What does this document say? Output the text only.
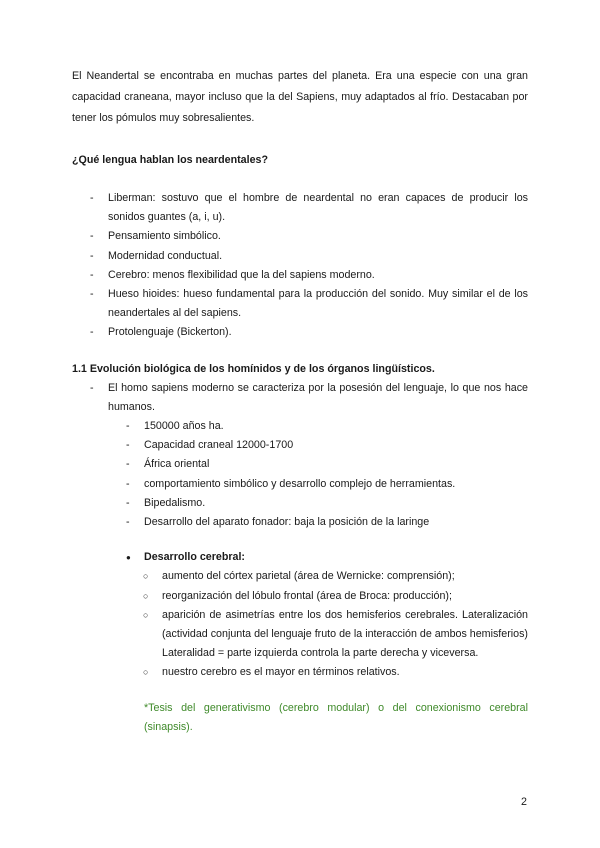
El Neandertal se encontraba en muchas partes del planeta. Era una especie con una gran capacidad craneana, mayor incluso que la del Sapiens, muy adaptados al frío. Destacaban por tener los pómulos muy sobresalientes.

¿Qué lengua hablan los neardentales?
- Liberman: sostuvo que el hombre de neardental no eran capaces de producir los sonidos guantes (a, i, u).
- Pensamiento simbólico.
- Modernidad conductual.
- Cerebro: menos flexibilidad que la del sapiens moderno.
- Hueso hioides: hueso fundamental para la producción del sonido. Muy similar el de los neandertales al del sapiens.
- Protolenguaje (Bickerton).
1.1 Evolución biológica de los homínidos y de los órganos lingüísticos.
- El homo sapiens moderno se caracteriza por la posesión del lenguaje, lo que nos hace humanos.
- 150000 años ha.
- Capacidad craneal 12000-1700
- África oriental
- comportamiento simbólico y desarrollo complejo de herramientas.
- Bipedalismo.
- Desarrollo del aparato fonador: baja la posición de la laringe
● Desarrollo cerebral:
○ aumento del córtex parietal (área de Wernicke: comprensión);
○ reorganización del lóbulo frontal (área de Broca: producción);
○ aparición de asimetrías entre los dos hemisferios cerebrales. Lateralización (actividad conjunta del lenguaje fruto de la interacción de ambos hemisferios) Lateralidad = parte izquierda controla la parte derecha y viceversa.
○ nuestro cerebro es el mayor en términos relativos.

*Tesis del generativismo (cerebro modular) o del conexionismo cerebral (sinapsis).

2
